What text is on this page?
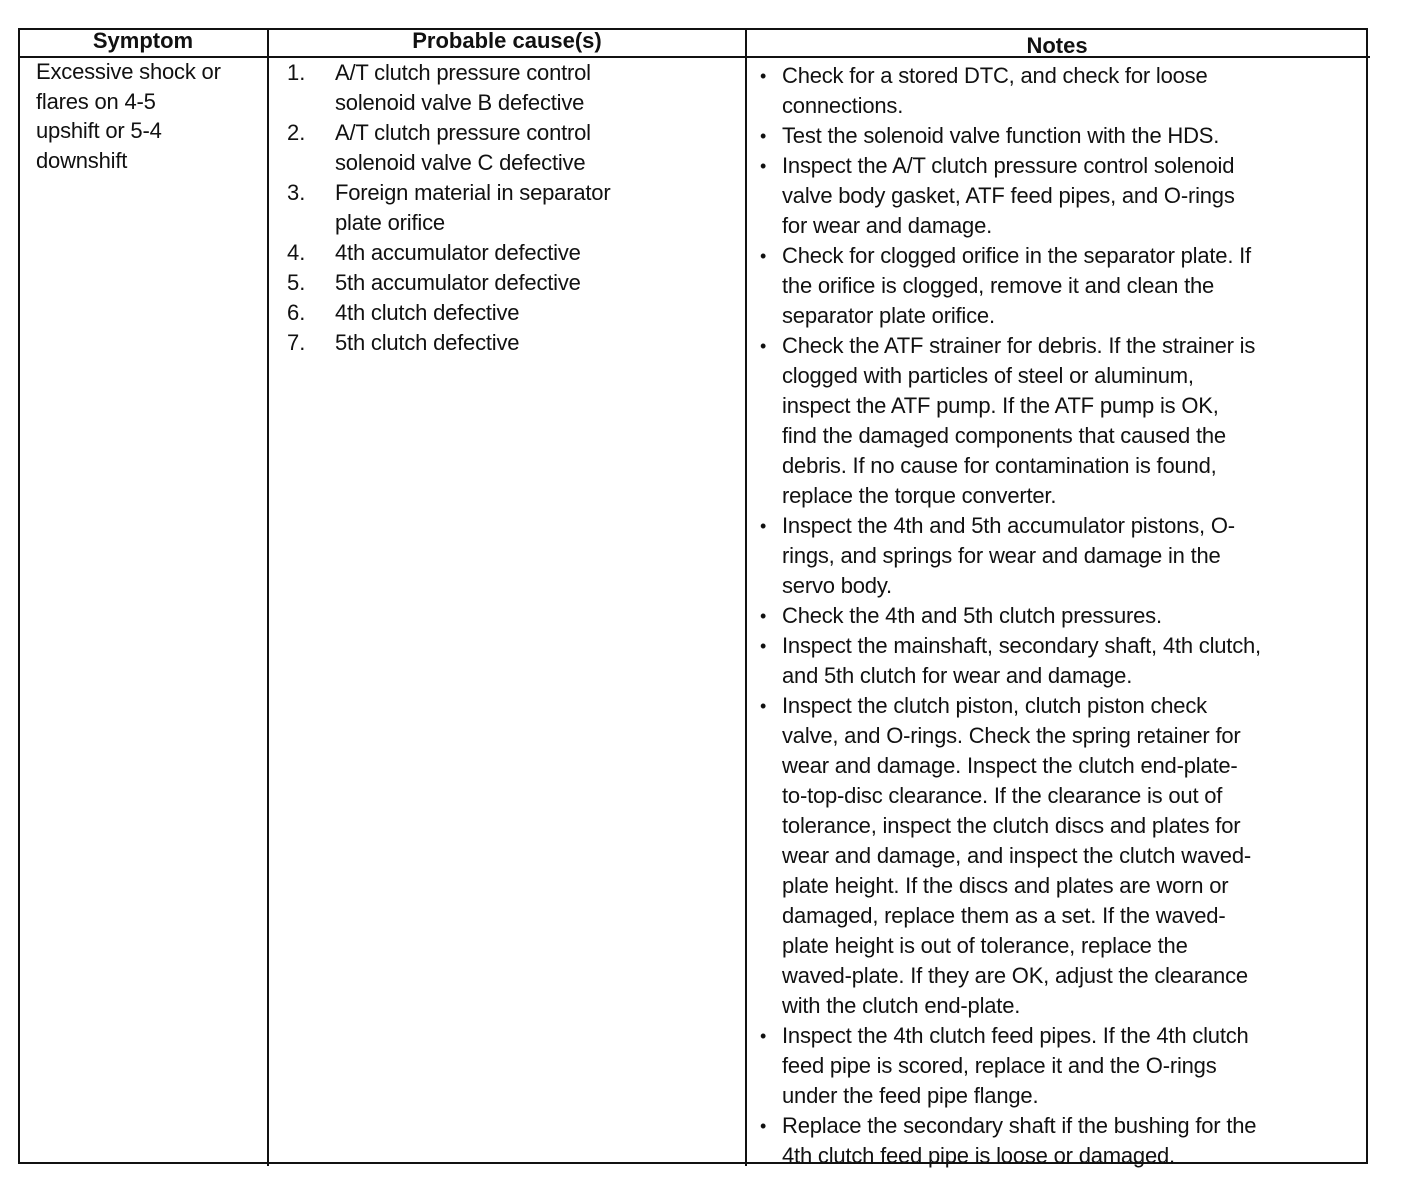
Symptom	Probable cause(s)	Notes
Excessive shock or
flares on 4-5
upshift or 5-4
downshift
1. A/T clutch pressure control
solenoid valve B defective
2. A/T clutch pressure control
solenoid valve C defective
3. Foreign material in separator
plate orifice
4. 4th accumulator defective
5. 5th accumulator defective
6. 4th clutch defective
7. 5th clutch defective
• Check for a stored DTC, and check for loose
connections.
• Test the solenoid valve function with the HDS.
• Inspect the A/T clutch pressure control solenoid
valve body gasket, ATF feed pipes, and O-rings
for wear and damage.
• Check for clogged orifice in the separator plate. If
the orifice is clogged, remove it and clean the
separator plate orifice.
• Check the ATF strainer for debris. If the strainer is
clogged with particles of steel or aluminum,
inspect the ATF pump. If the ATF pump is OK,
find the damaged components that caused the
debris. If no cause for contamination is found,
replace the torque converter.
• Inspect the 4th and 5th accumulator pistons, O-
rings, and springs for wear and damage in the
servo body.
• Check the 4th and 5th clutch pressures.
• Inspect the mainshaft, secondary shaft, 4th clutch,
and 5th clutch for wear and damage.
• Inspect the clutch piston, clutch piston check
valve, and O-rings. Check the spring retainer for
wear and damage. Inspect the clutch end-plate-
to-top-disc clearance. If the clearance is out of
tolerance, inspect the clutch discs and plates for
wear and damage, and inspect the clutch waved-
plate height. If the discs and plates are worn or
damaged, replace them as a set. If the waved-
plate height is out of tolerance, replace the
waved-plate. If they are OK, adjust the clearance
with the clutch end-plate.
• Inspect the 4th clutch feed pipes. If the 4th clutch
feed pipe is scored, replace it and the O-rings
under the feed pipe flange.
• Replace the secondary shaft if the bushing for the
4th clutch feed pipe is loose or damaged.
